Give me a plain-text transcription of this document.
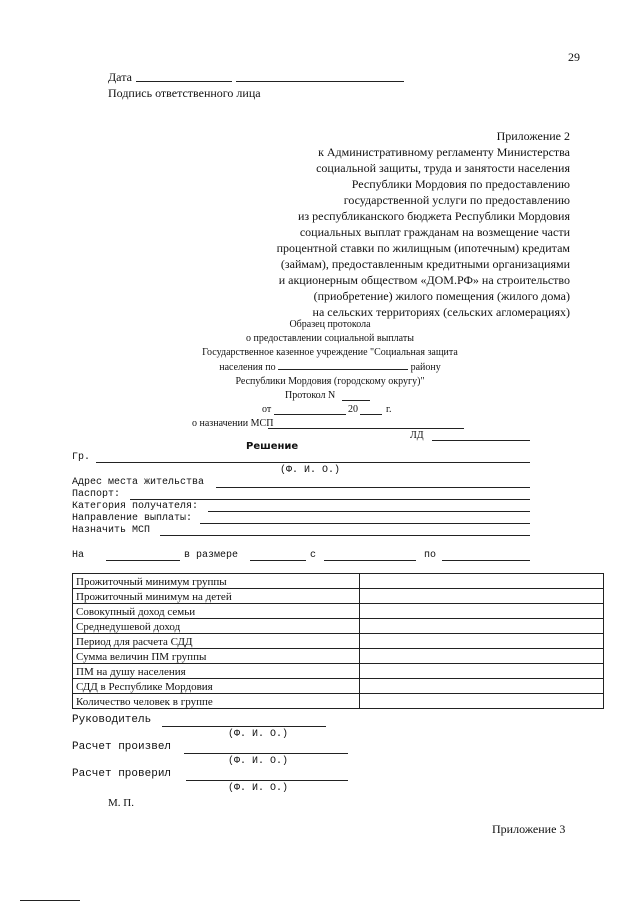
29
Дата
Подпись ответственного лица
Приложение 2
к Административному регламенту Министерства
социальной защиты, труда и занятости населения
Республики Мордовия по предоставлению
государственной услуги по предоставлению
из республиканского бюджета Республики Мордовия
социальных выплат гражданам на возмещение части
процентной ставки по жилищным (ипотечным) кредитам
(займам), предоставленным кредитными организациями
и акционерным обществом «ДОМ.РФ» на строительство
(приобретение) жилого помещения (жилого дома)
на сельских территориях (сельских агломерациях)
Образец протокола
о предоставлении социальной выплаты
Государственное казенное учреждение "Социальная защита
населения по	району
Республики Мордовия (городскому округу)"
Протокол N
от	20	г.
о назначении МСП
ЛД
Решение
Гр.
(Ф. И. О.)
Адрес места жительства
Паспорт:
Категория получателя:
Направление выплаты:
Назначить МСП
На	в размере	с	по
Прожиточный минимум группы	
Прожиточный минимум на детей	
Совокупный доход семьи	
Среднедушевой доход	
Период для расчета СДД	
Сумма величин ПМ группы	
ПМ на душу населения	
СДД в Республике Мордовия	
Количество человек в группе	
Руководитель
(Ф. И. О.)
Расчет произвел
(Ф. И. О.)
Расчет проверил
(Ф. И. О.)
М. П.
Приложение 3
